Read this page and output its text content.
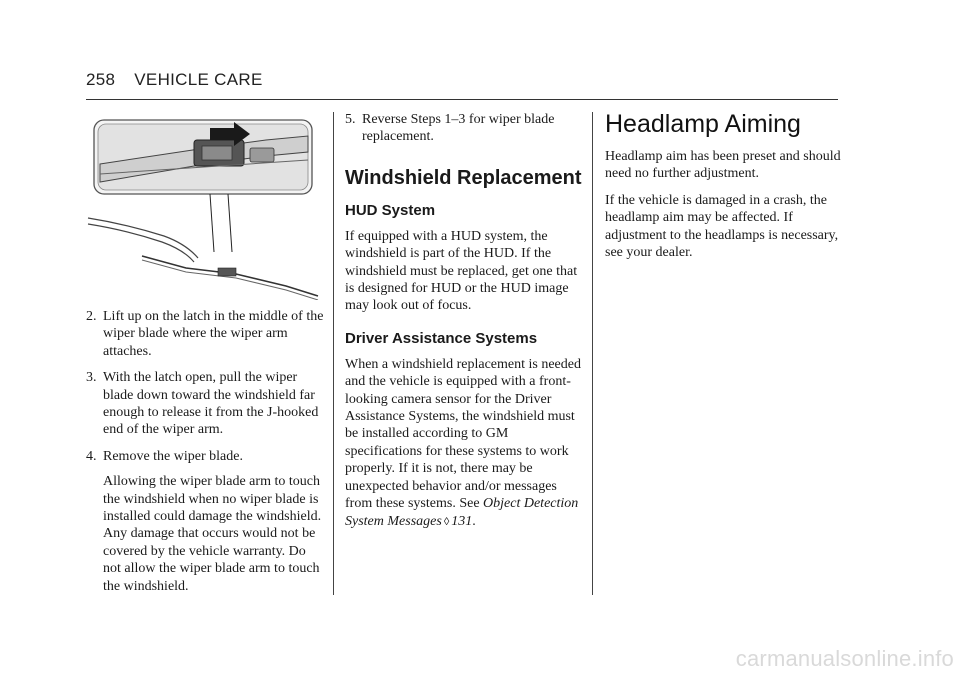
258 VEHICLE CARE
2. Lift up on the latch in the middle of the wiper blade where the wiper arm attaches.
3. With the latch open, pull the wiper blade down toward the windshield far enough to release it from the J-hooked end of the wiper arm.
4. Remove the wiper blade.
Allowing the wiper blade arm to touch the windshield when no wiper blade is installed could damage the windshield. Any damage that occurs would not be covered by the vehicle warranty. Do not allow the wiper blade arm to touch the windshield.
5. Reverse Steps 1–3 for wiper blade replacement.
Windshield Replacement
HUD System

If equipped with a HUD system, the windshield is part of the HUD. If the windshield must be replaced, get one that is designed for HUD or the HUD image may look out of focus.

Driver Assistance Systems

When a windshield replacement is needed and the vehicle is equipped with a front-looking camera sensor for the Driver Assistance Systems, the windshield must be installed according to GM specifications for these systems to work properly. If it is not, there may be unexpected behavior and/or messages from these systems. See Object Detection System Messages ◊ 131.

Headlamp Aiming

Headlamp aim has been preset and should need no further adjustment.

If the vehicle is damaged in a crash, the headlamp aim may be affected. If adjustment to the headlamps is necessary, see your dealer.

carmanualsonline.info
